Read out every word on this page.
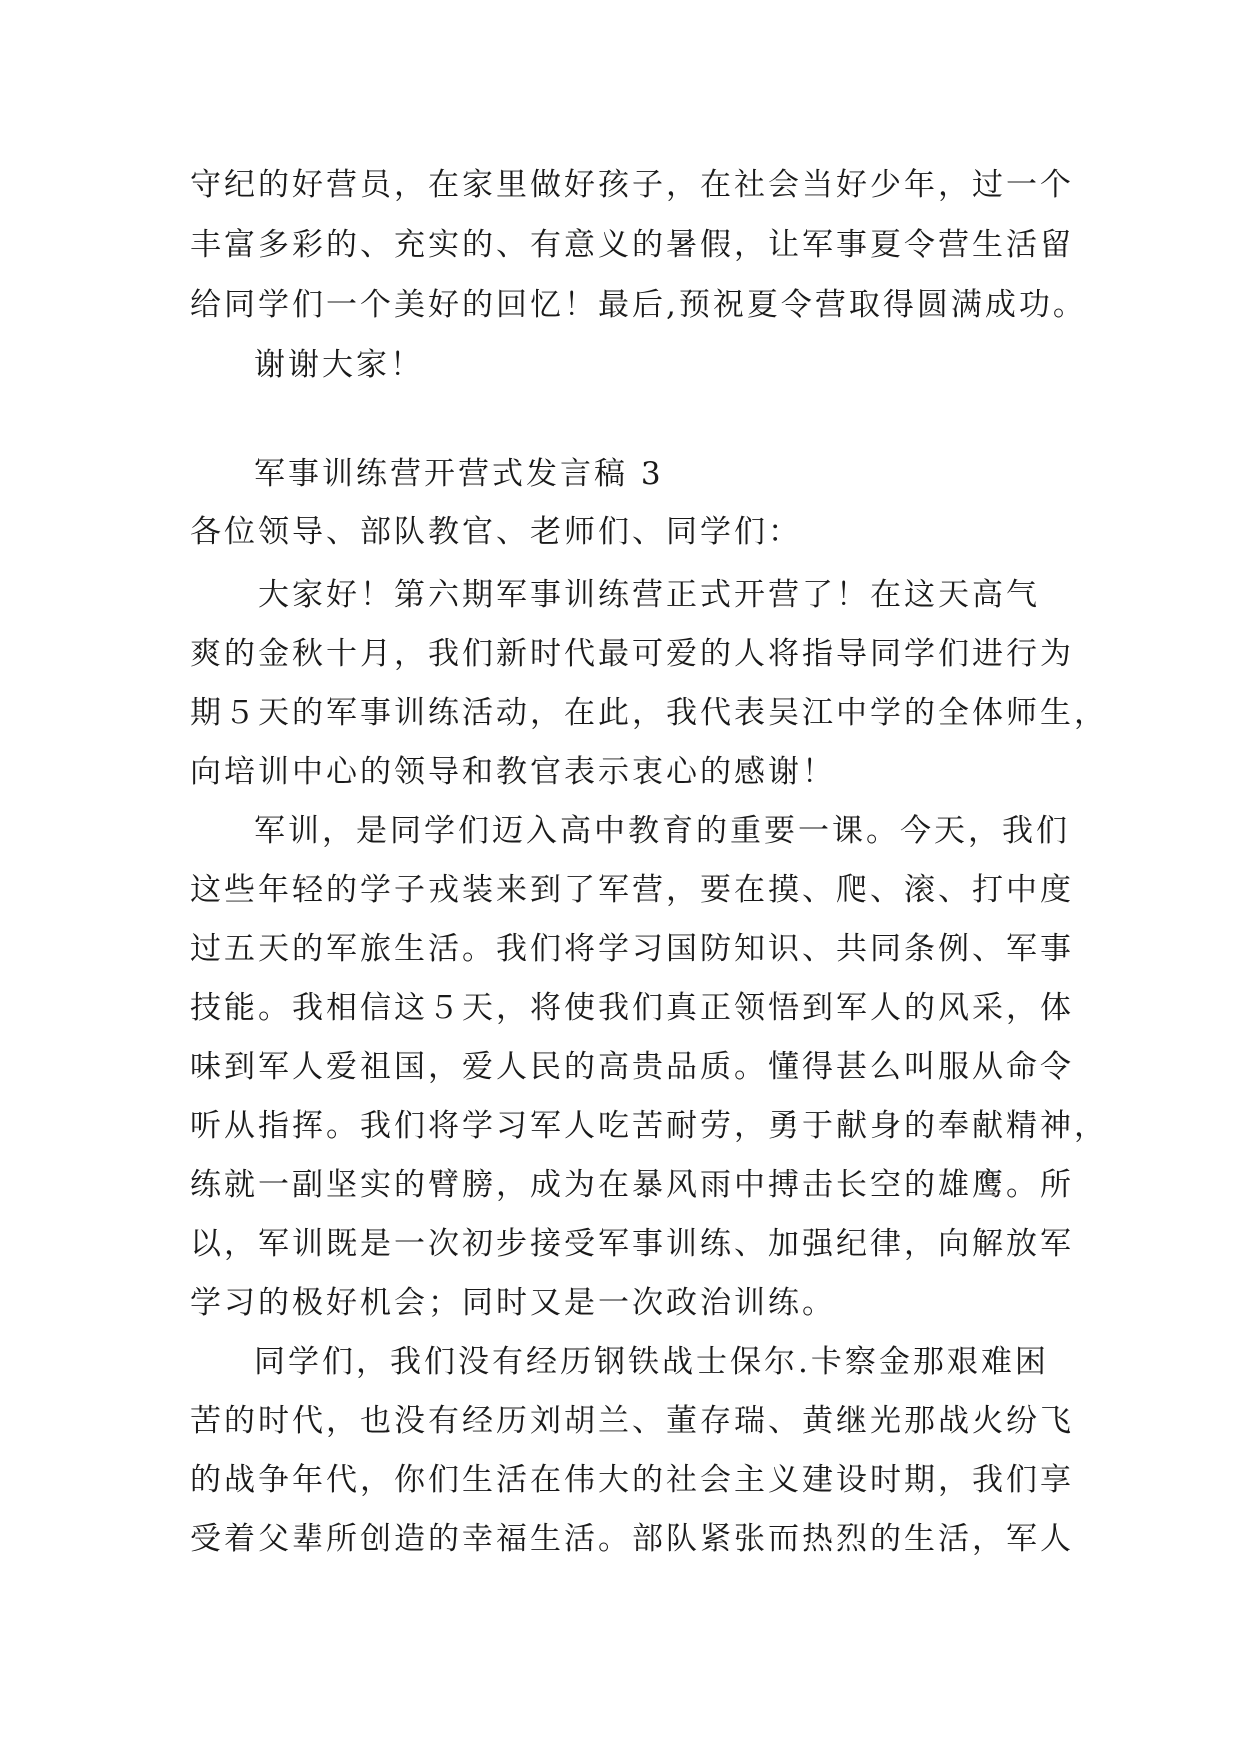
守纪的好营员，在家里做好孩子，在社会当好少年，过一个
丰富多彩的、充实的、有意义的暑假，让军事夏令营生活留
给同学们一个美好的回忆！最后,预祝夏令营取得圆满成功。
谢谢大家！
军事训练营开营式发言稿 3
各位领导、部队教官、老师们、同学们：
大家好！第六期军事训练营正式开营了！在这天高气
爽的金秋十月，我们新时代最可爱的人将指导同学们进行为
期５天的军事训练活动，在此，我代表吴江中学的全体师生，
向培训中心的领导和教官表示衷心的感谢！
军训，是同学们迈入高中教育的重要一课。今天，我们
这些年轻的学子戎装来到了军营，要在摸、爬、滚、打中度
过五天的军旅生活。我们将学习国防知识、共同条例、军事
技能。我相信这５天，将使我们真正领悟到军人的风采，体
味到军人爱祖国，爱人民的高贵品质。懂得甚么叫服从命令
听从指挥。我们将学习军人吃苦耐劳，勇于献身的奉献精神，
练就一副坚实的臂膀，成为在暴风雨中搏击长空的雄鹰。所
以，军训既是一次初步接受军事训练、加强纪律，向解放军
学习的极好机会；同时又是一次政治训练。
同学们，我们没有经历钢铁战士保尔.卡察金那艰难困
苦的时代，也没有经历刘胡兰、董存瑞、黄继光那战火纷飞
的战争年代，你们生活在伟大的社会主义建设时期，我们享
受着父辈所创造的幸福生活。部队紧张而热烈的生活，军人
